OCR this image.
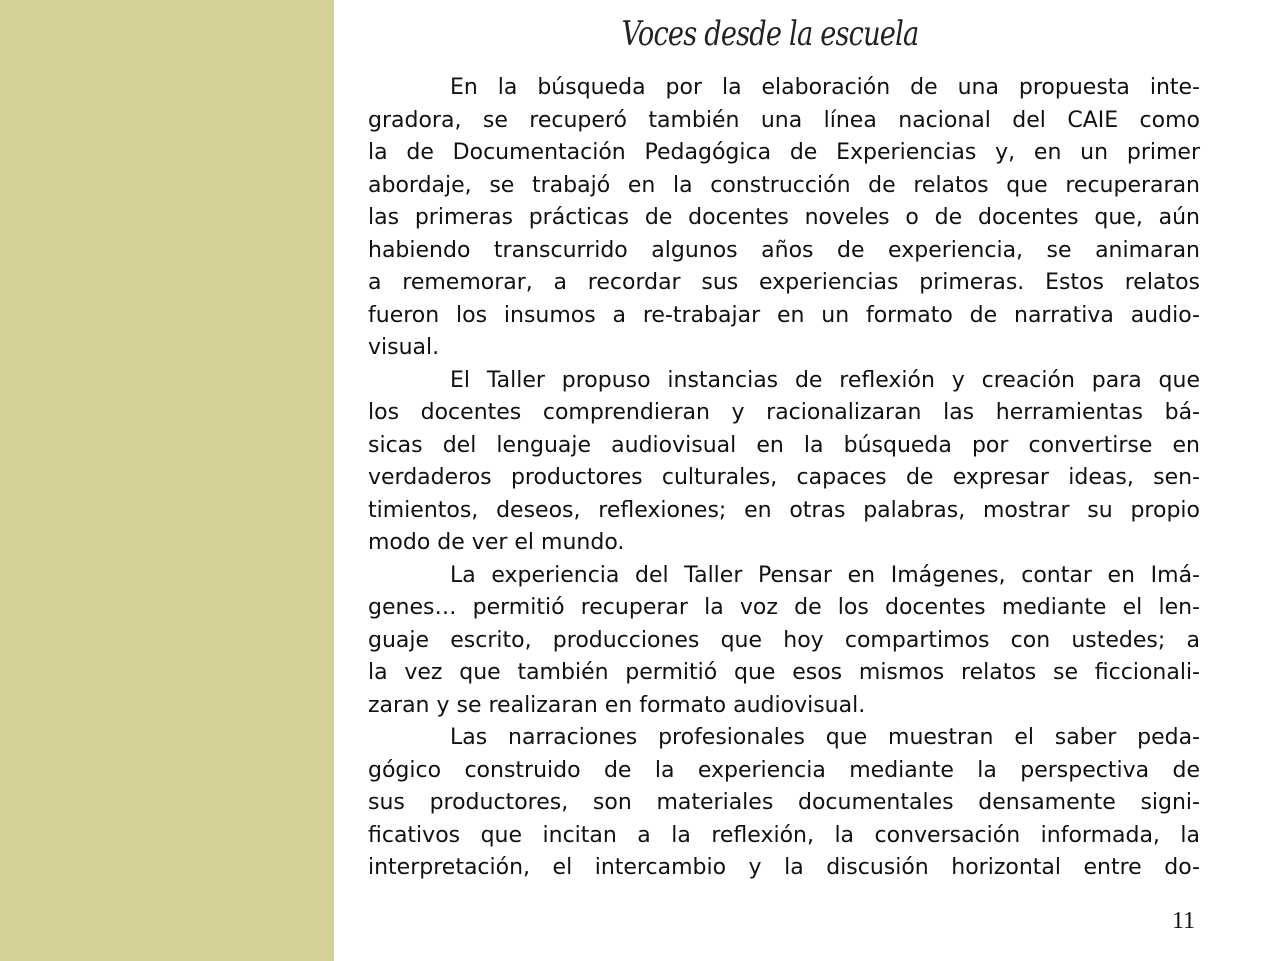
Voces desde la escuela
En la búsqueda por la elaboración de una propuesta inte-
gradora, se recuperó también una línea nacional del CAIE como
la de Documentación Pedagógica de Experiencias y, en un primer
abordaje, se trabajó en la construcción de relatos que recuperaran
las primeras prácticas de docentes noveles o de docentes que, aún
habiendo transcurrido algunos años de experiencia, se animaran
a rememorar, a recordar sus experiencias primeras. Estos relatos
fueron los insumos a re-trabajar en un formato de narrativa audio-
visual.
El Taller propuso instancias de reflexión y creación para que
los docentes comprendieran y racionalizaran las herramientas bá-
sicas del lenguaje audiovisual en la búsqueda por convertirse en
verdaderos productores culturales, capaces de expresar ideas, sen-
timientos, deseos, reflexiones; en otras palabras, mostrar su propio
modo de ver el mundo.
La experiencia del Taller Pensar en Imágenes, contar en Imá-
genes… permitió recuperar la voz de los docentes mediante el len-
guaje escrito, producciones que hoy compartimos con ustedes; a
la vez que también permitió que esos mismos relatos se ficcionali-
zaran y se realizaran en formato audiovisual.
Las narraciones profesionales que muestran el saber peda-
gógico construido de la experiencia mediante la perspectiva de
sus productores, son materiales documentales densamente signi-
ficativos que incitan a la reflexión, la conversación informada, la
interpretación, el intercambio y la discusión horizontal entre do-
11
